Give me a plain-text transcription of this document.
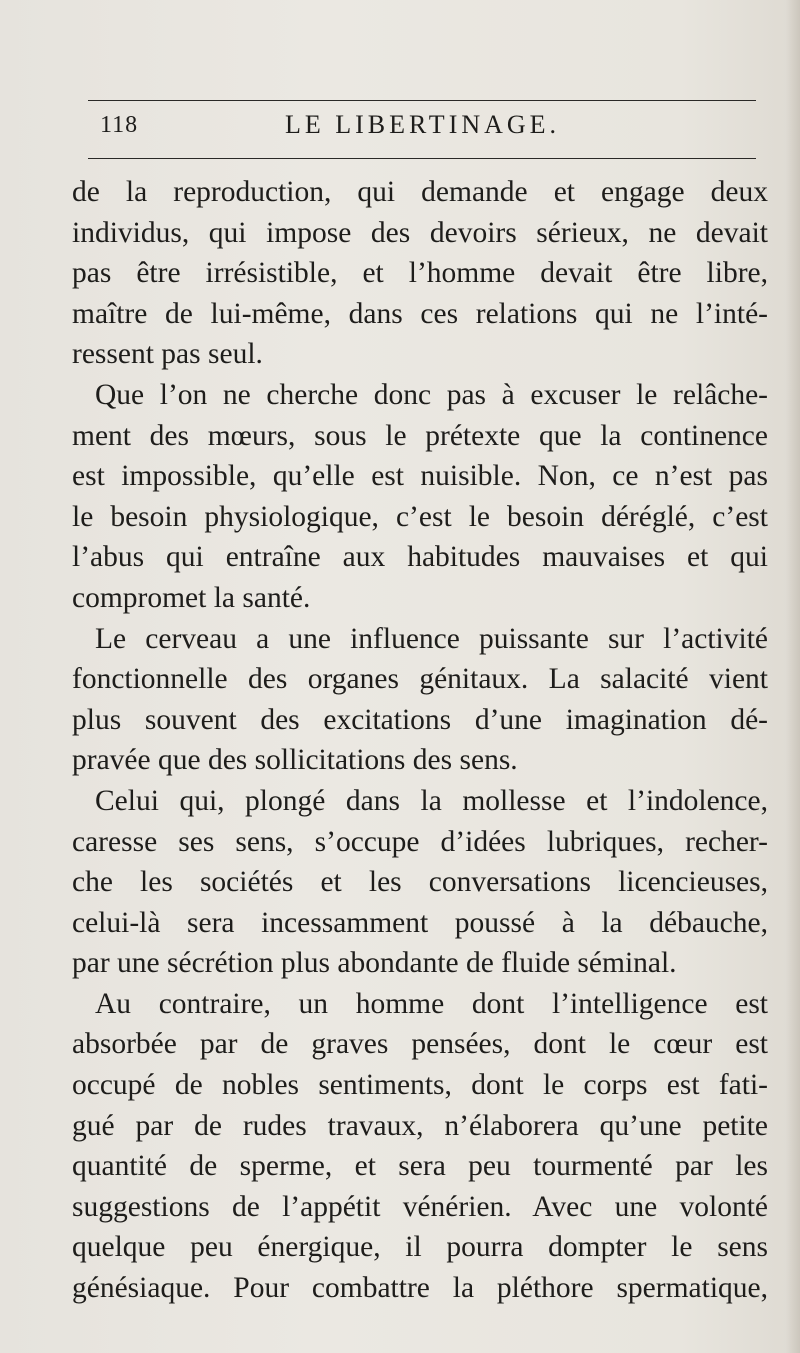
118	LE LIBERTINAGE.
de la reproduction, qui demande et engage deux
individus, qui impose des devoirs sérieux, ne devait
pas être irrésistible, et l’homme devait être libre,
maître de lui-même, dans ces relations qui ne l’inté-
ressent pas seul.
Que l’on ne cherche donc pas à excuser le relâche-
ment des mœurs, sous le prétexte que la continence
est impossible, qu’elle est nuisible. Non, ce n’est pas
le besoin physiologique, c’est le besoin déréglé, c’est
l’abus qui entraîne aux habitudes mauvaises et qui
compromet la santé.
Le cerveau a une influence puissante sur l’activité
fonctionnelle des organes génitaux. La salacité vient
plus souvent des excitations d’une imagination dé-
pravée que des sollicitations des sens.
Celui qui, plongé dans la mollesse et l’indolence,
caresse ses sens, s’occupe d’idées lubriques, recher-
che les sociétés et les conversations licencieuses,
celui-là sera incessamment poussé à la débauche,
par une sécrétion plus abondante de fluide séminal.
Au contraire, un homme dont l’intelligence est
absorbée par de graves pensées, dont le cœur est
occupé de nobles sentiments, dont le corps est fati-
gué par de rudes travaux, n’élaborera qu’une petite
quantité de sperme, et sera peu tourmenté par les
suggestions de l’appétit vénérien. Avec une volonté
quelque peu énergique, il pourra dompter le sens
génésiaque. Pour combattre la pléthore spermatique,
